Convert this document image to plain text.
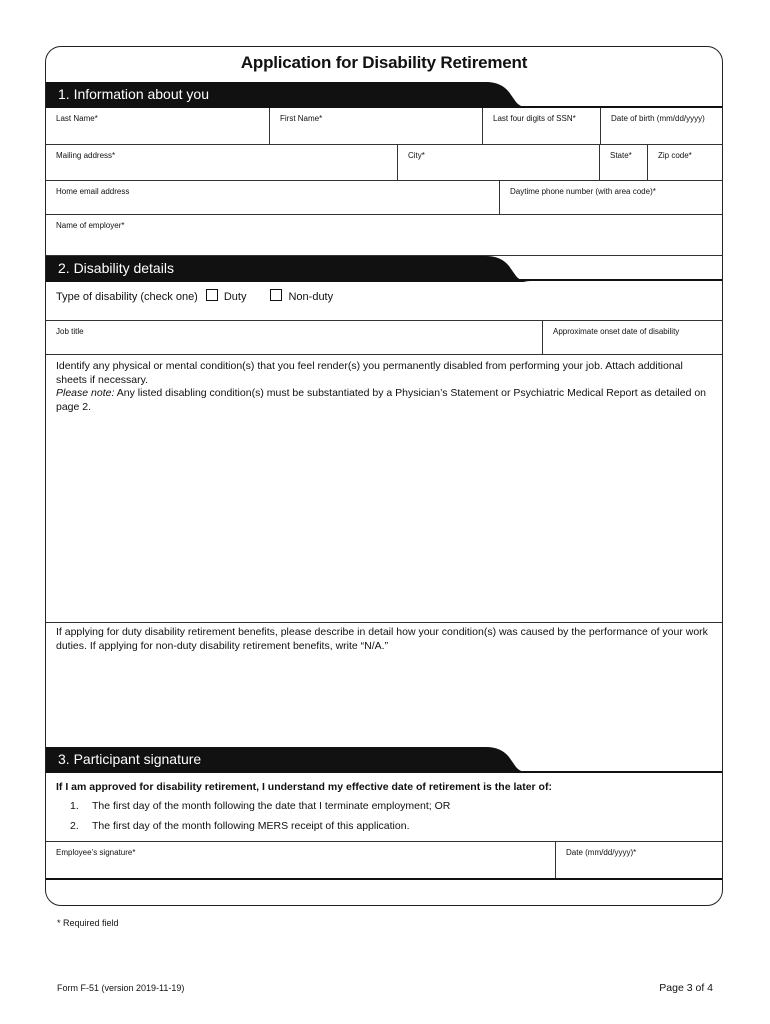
Application for Disability Retirement
1. Information about you
Last Name*	First Name*	Last four digits of SSN*	Date of birth (mm/dd/yyyy)
Mailing address*	City*	State*	Zip code*
Home email address	Daytime phone number (with area code)*
Name of employer*
2. Disability details
Type of disability (check one) Duty	Non-duty
Job title	Approximate onset date of disability
Identify any physical or mental condition(s) that you feel render(s) you permanently disabled from performing your job. Attach additional sheets if necessary.
Please note: Any listed disabling condition(s) must be substantiated by a Physician’s Statement or Psychiatric Medical Report as detailed on page 2.
If applying for duty disability retirement benefits, please describe in detail how your condition(s) was caused by the performance of your work duties. If applying for non-duty disability retirement benefits, write “N/A.”
3. Participant signature
If I am approved for disability retirement, I understand my effective date of retirement is the later of:
1. The first day of the month following the date that I terminate employment; OR
2. The first day of the month following MERS receipt of this application.
Employee’s signature*	Date (mm/dd/yyyy)*
* Required field
Form F-51 (version 2019-11-19)	Page 3 of 4
